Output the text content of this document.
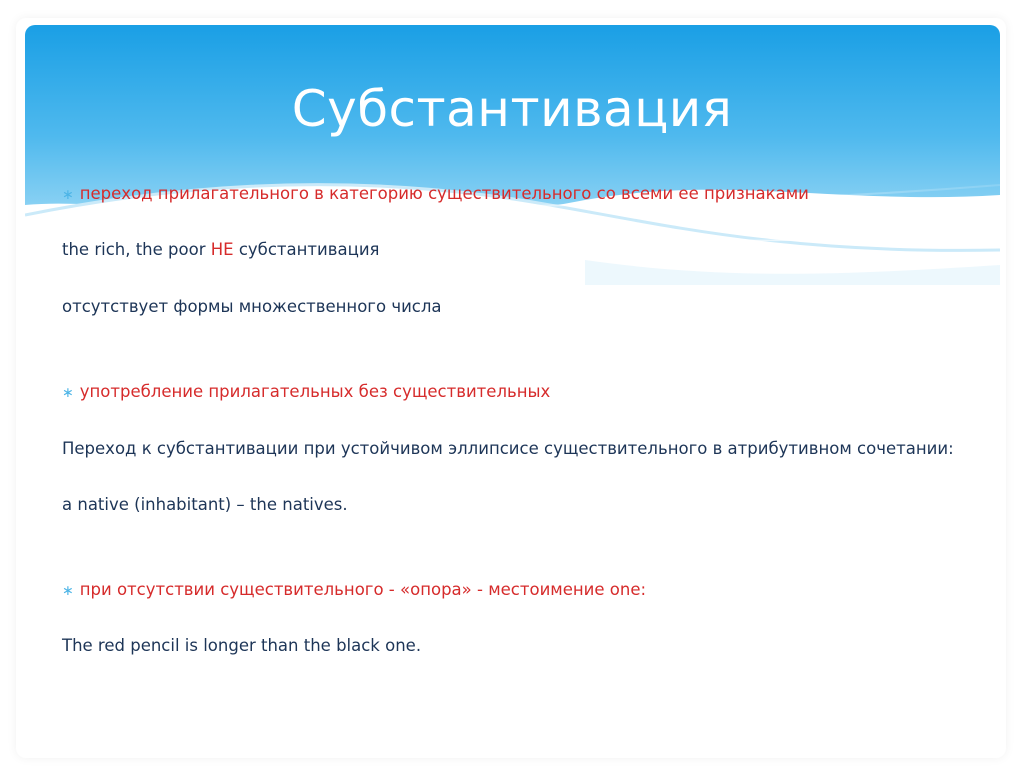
Субстантивация
∗ переход прилагательного в категорию существительного со всеми ее признаками
the rich, the poor НЕ субстантивация
отсутствует формы множественного числа
∗ употребление прилагательных без существительных
Переход к субстантивации при устойчивом эллипсисе существительного в атрибутивном сочетании:
a native (inhabitant) – the natives.
∗ при отсутствии существительного - «опора» - местоимение one:
The red pencil is longer than the black one.
